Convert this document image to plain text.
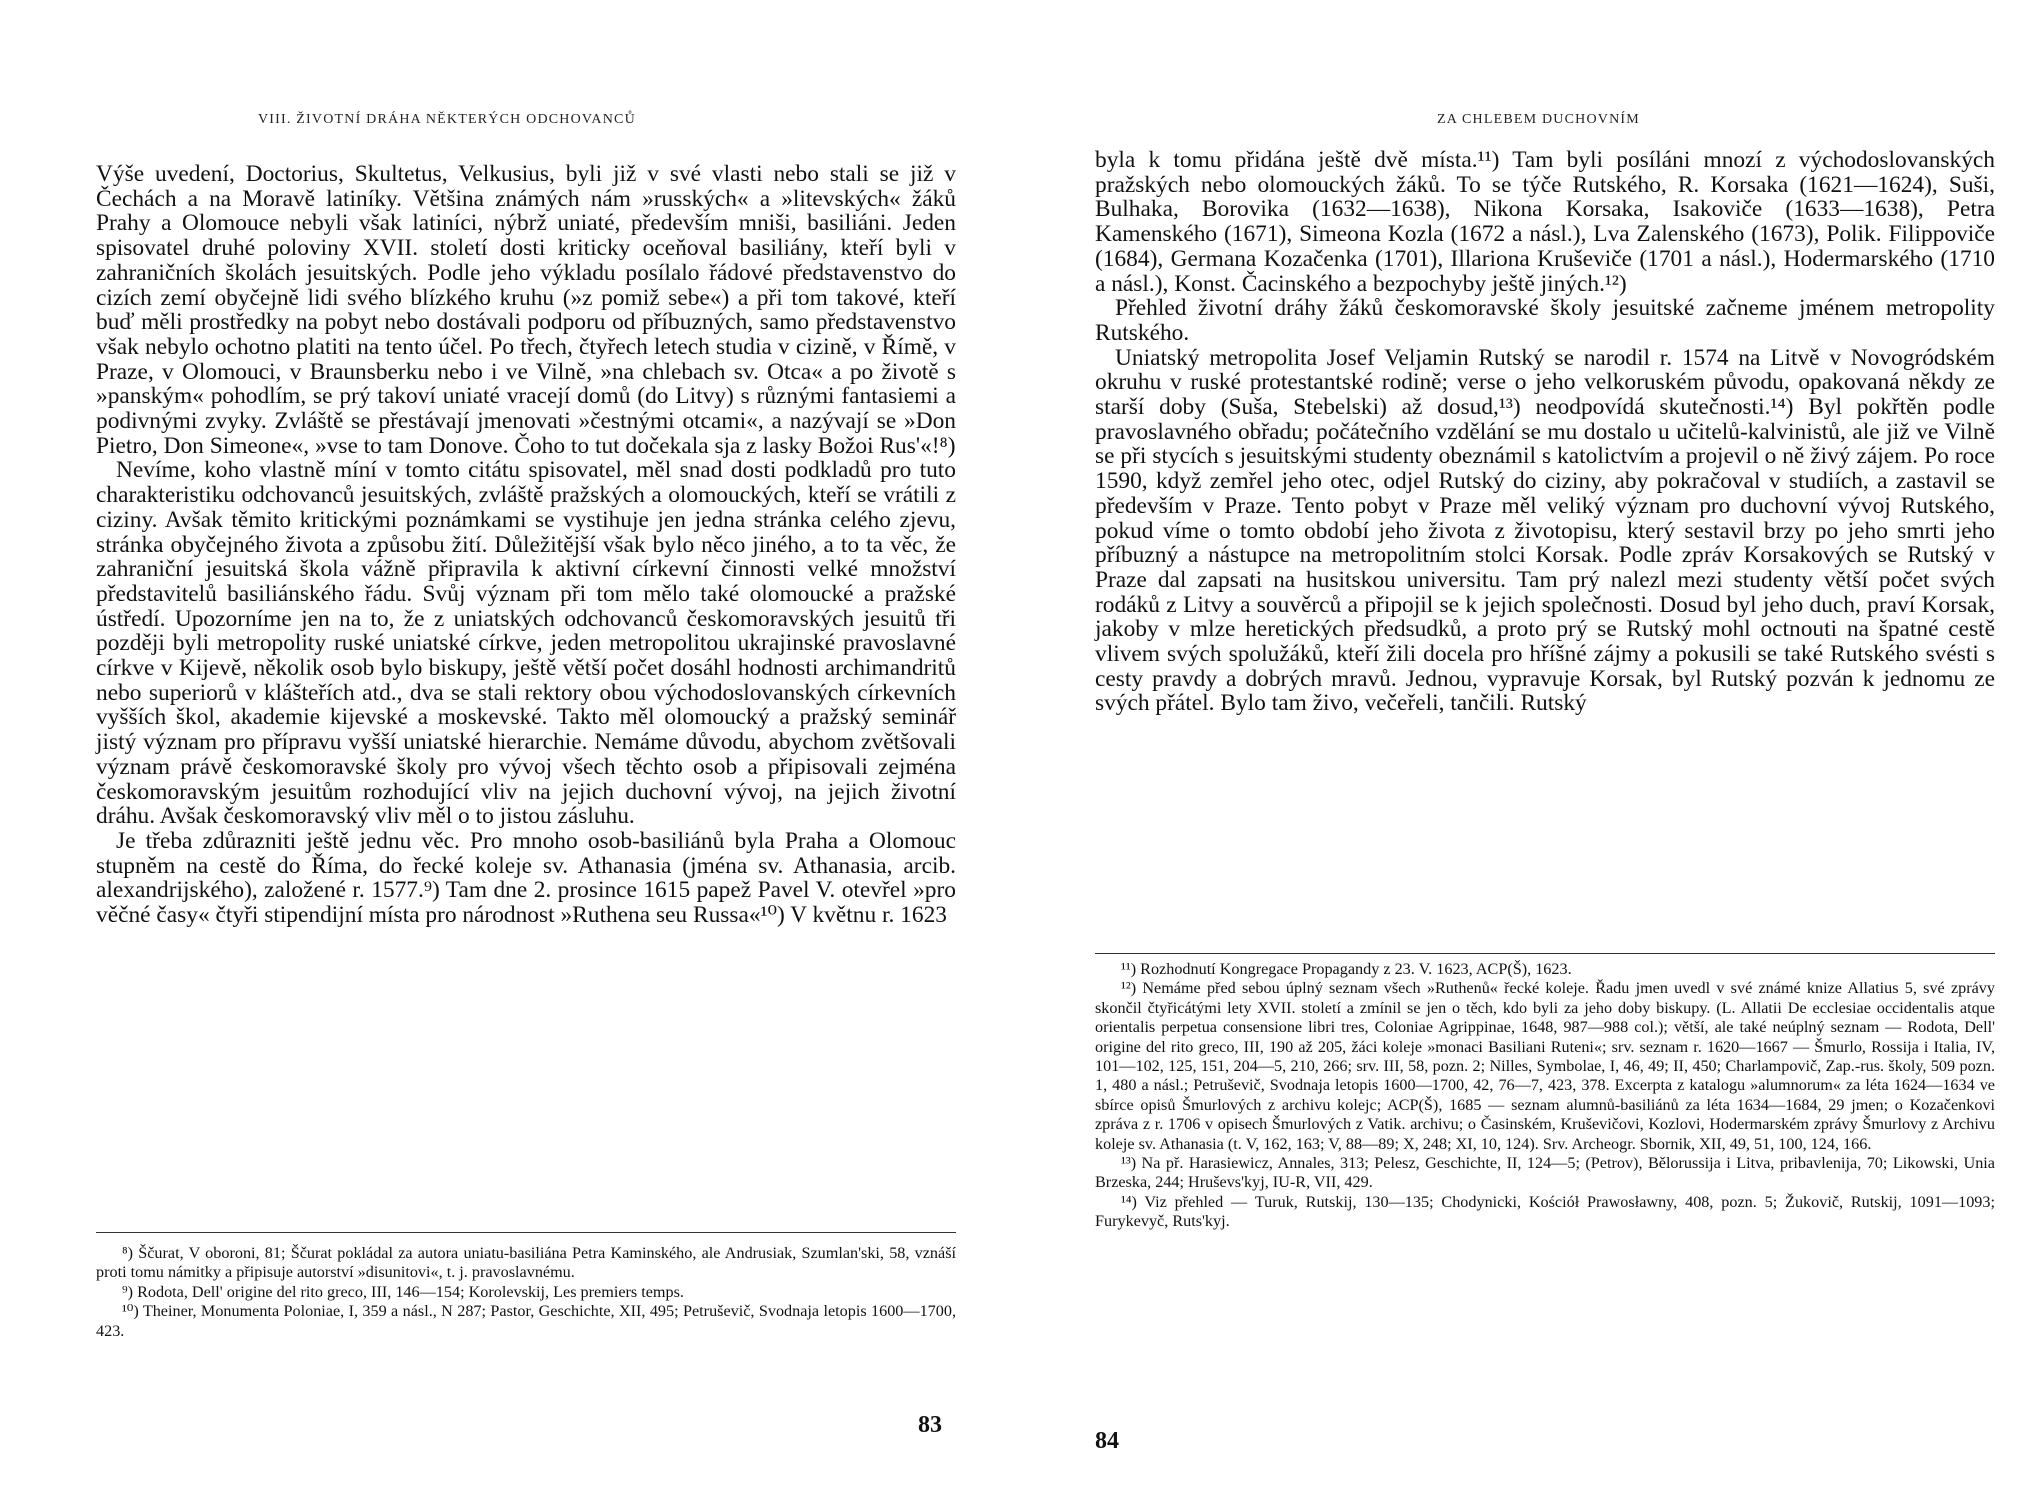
VIII. ŽIVOTNÍ DRÁHA NĚKTERÝCH ODCHOVANCŮ

Výše uvedení, Doctorius, Skultetus, Velkusius, byli již v své vlasti nebo stali se již v Čechách a na Moravě latiníky. Většina známých nám »rusských« a »litevských« žáků Prahy a Olomouce nebyli však latiníci, nýbrž uniaté, především mniši, basiliáni. Jeden spisovatel druhé poloviny XVII. století dosti kriticky oceňoval basiliány, kteří byli v zahraničních školách jesuitských. Podle jeho výkladu posílalo řádové představenstvo do cizích zemí obyčejně lidi svého blízkého kruhu (»z pomiž sebe«) a při tom takové, kteří buď měli prostředky na pobyt nebo dostávali podporu od příbuzných, samo představenstvo však nebylo ochotno platiti na tento účel. Po třech, čtyřech letech studia v cizině, v Římě, v Praze, v Olomouci, v Braunsberku nebo i ve Vilně, »na chlebach sv. Otca« a po životě s »panským« pohodlím, se prý takoví uniaté vracejí domů (do Litvy) s různými fantasiemi a podivnými zvyky. Zvláště se přestávají jmenovati »čestnými otcami«, a nazývají se »Don Pietro, Don Simeone«, »vse to tam Donove. Čoho to tut dočekala sja z lasky Božoi Rus'«!⁸)

Nevíme, koho vlastně míní v tomto citátu spisovatel, měl snad dosti podkladů pro tuto charakteristiku odchovanců jesuitských, zvláště pražských a olomouckých, kteří se vrátili z ciziny. Avšak těmito kritickými poznámkami se vystihuje jen jedna stránka celého zjevu, stránka obyčejného života a způsobu žití. Důležitější však bylo něco jiného, a to ta věc, že zahraniční jesuitská škola vážně připravila k aktivní církevní činnosti velké množství představitelů basiliánského řádu. Svůj význam při tom mělo také olomoucké a pražské ústředí. Upozorníme jen na to, že z uniatských odchovanců českomoravských jesuitů tři později byli metropolity ruské uniatské církve, jeden metropolitou ukrajinské pravoslavné církve v Kijevě, několik osob bylo biskupy, ještě větší počet dosáhl hodnosti archimandritů nebo superiorů v klášteřích atd., dva se stali rektory obou východoslovanských církevních vyšších škol, akademie kijevské a moskevské. Takto měl olomoucký a pražský seminář jistý význam pro přípravu vyšší uniatské hierarchie. Nemáme důvodu, abychom zvětšovali význam právě českomoravské školy pro vývoj všech těchto osob a připisovali zejména českomoravským jesuitům rozhodující vliv na jejich duchovní vývoj, na jejich životní dráhu. Avšak českomoravský vliv měl o to jistou zásluhu.

Je třeba zdůrazniti ještě jednu věc. Pro mnoho osob-basiliánů byla Praha a Olomouc stupněm na cestě do Říma, do řecké koleje sv. Athanasia (jména sv. Athanasia, arcib. alexandrijského), založené r. 1577.⁹) Tam dne 2. prosince 1615 papež Pavel V. otevřel »pro věčné časy« čtyři stipendijní místa pro národnost »Ruthena seu Russa«¹⁰) V květnu r. 1623

⁸) Ščurat, V oboroni, 81; Ščurat pokládal za autora uniatu-basiliána Petra Kaminského, ale Andrusiak, Szumlan'ski, 58, vznáší proti tomu námitky a připisuje autorství »disunitovi«, t. j. pravoslavnému.

⁹) Rodota, Dell' origine del rito greco, III, 146—154; Korolevskij, Les premiers temps.

¹⁰) Theiner, Monumenta Poloniae, I, 359 a násl., N 287; Pastor, Geschichte, XII, 495; Petruševič, Svodnaja letopis 1600—1700, 423.

83
ZA CHLEBEM DUCHOVNÍM

byla k tomu přidána ještě dvě místa.¹¹) Tam byli posíláni mnozí z východoslovanských pražských nebo olomouckých žáků. To se týče Rutského, R. Korsaka (1621—1624), Suši, Bulhaka, Borovika (1632—1638), Nikona Korsaka, Isakoviče (1633—1638), Petra Kamenského (1671), Simeona Kozla (1672 a násl.), Lva Zalenského (1673), Polik. Filippoviče (1684), Germana Kozačenka (1701), Illariona Kruševiče (1701 a násl.), Hodermarského (1710 a násl.), Konst. Čacinského a bezpochyby ještě jiných.¹²)

Přehled životní dráhy žáků českomoravské školy jesuitské začneme jménem metropolity Rutského.

Uniatský metropolita Josef Veljamin Rutský se narodil r. 1574 na Litvě v Novogródském okruhu v ruské protestantské rodině; verse o jeho velkoruském původu, opakovaná někdy ze starší doby (Suša, Stebelski) až dosud,¹³) neodpovídá skutečnosti.¹⁴) Byl pokřtěn podle pravoslavného obřadu; počátečního vzdělání se mu dostalo u učitelů-kalvinistů, ale již ve Vilně se při stycích s jesuitskými studenty obeznámil s katolictvím a projevil o ně živý zájem. Po roce 1590, když zemřel jeho otec, odjel Rutský do ciziny, aby pokračoval v studiích, a zastavil se především v Praze. Tento pobyt v Praze měl veliký význam pro duchovní vývoj Rutského, pokud víme o tomto období jeho života z životopisu, který sestavil brzy po jeho smrti jeho příbuzný a nástupce na metropolitním stolci Korsak. Podle zpráv Korsakových se Rutský v Praze dal zapsati na husitskou universitu. Tam prý nalezl mezi studenty větší počet svých rodáků z Litvy a souvěrců a připojil se k jejich společnosti. Dosud byl jeho duch, praví Korsak, jakoby v mlze heretických předsudků, a proto prý se Rutský mohl octnouti na špatné cestě vlivem svých spolužáků, kteří žili docela pro hříšné zájmy a pokusili se také Rutského svésti s cesty pravdy a dobrých mravů. Jednou, vypravuje Korsak, byl Rutský pozván k jednomu ze svých přátel. Bylo tam živo, večeřeli, tančili. Rutský

¹¹) Rozhodnutí Kongregace Propagandy z 23. V. 1623, ACP(Š), 1623.

¹²) Nemáme před sebou úplný seznam všech »Ruthenů« řecké koleje. Řadu jmen uvedl v své známé knize Allatius 5, své zprávy skončil čtyřicátými lety XVII. století a zmínil se jen o těch, kdo byli za jeho doby biskupy. (L. Allatii De ecclesiae occidentalis atque orientalis perpetua consensione libri tres, Coloniae Agrippinae, 1648, 987—988 col.); větší, ale také neúplný seznam — Rodota, Dell' origine del rito greco, III, 190 až 205, žáci koleje »monaci Basiliani Ruteni«; srv. seznam r. 1620—1667 — Šmurlo, Rossija i Italia, IV, 101—102, 125, 151, 204—5, 210, 266; srv. III, 58, pozn. 2; Nilles, Symbolae, I, 46, 49; II, 450; Charlampovič, Zap.-rus. školy, 509 pozn. 1, 480 a násl.; Petruševič, Svodnaja letopis 1600—1700, 42, 76—7, 423, 378. Excerpta z katalogu »alumnorum« za léta 1624—1634 ve sbírce opisů Šmurlových z archivu kolejc; ACP(Š), 1685 — seznam alumnů-basiliánů za léta 1634—1684, 29 jmen; o Kozačenkovi zpráva z r. 1706 v opisech Šmurlových z Vatik. archivu; o Časinském, Kruševičovi, Kozlovi, Hodermarském zprávy Šmurlovy z Archivu koleje sv. Athanasia (t. V, 162, 163; V, 88—89; X, 248; XI, 10, 124). Srv. Archeogr. Sbornik, XII, 49, 51, 100, 124, 166.

¹³) Na př. Harasiewicz, Annales, 313; Pelesz, Geschichte, II, 124—5; (Petrov), Bělorussija i Litva, pribavlenija, 70; Likowski, Unia Brzeska, 244; Hruševs'kyj, IU-R, VII, 429.

¹⁴) Viz přehled — Turuk, Rutskij, 130—135; Chodynicki, Kościół Prawosławny, 408, pozn. 5; Žukovič, Rutskij, 1091—1093; Furykevyč, Ruts'kyj.

84
